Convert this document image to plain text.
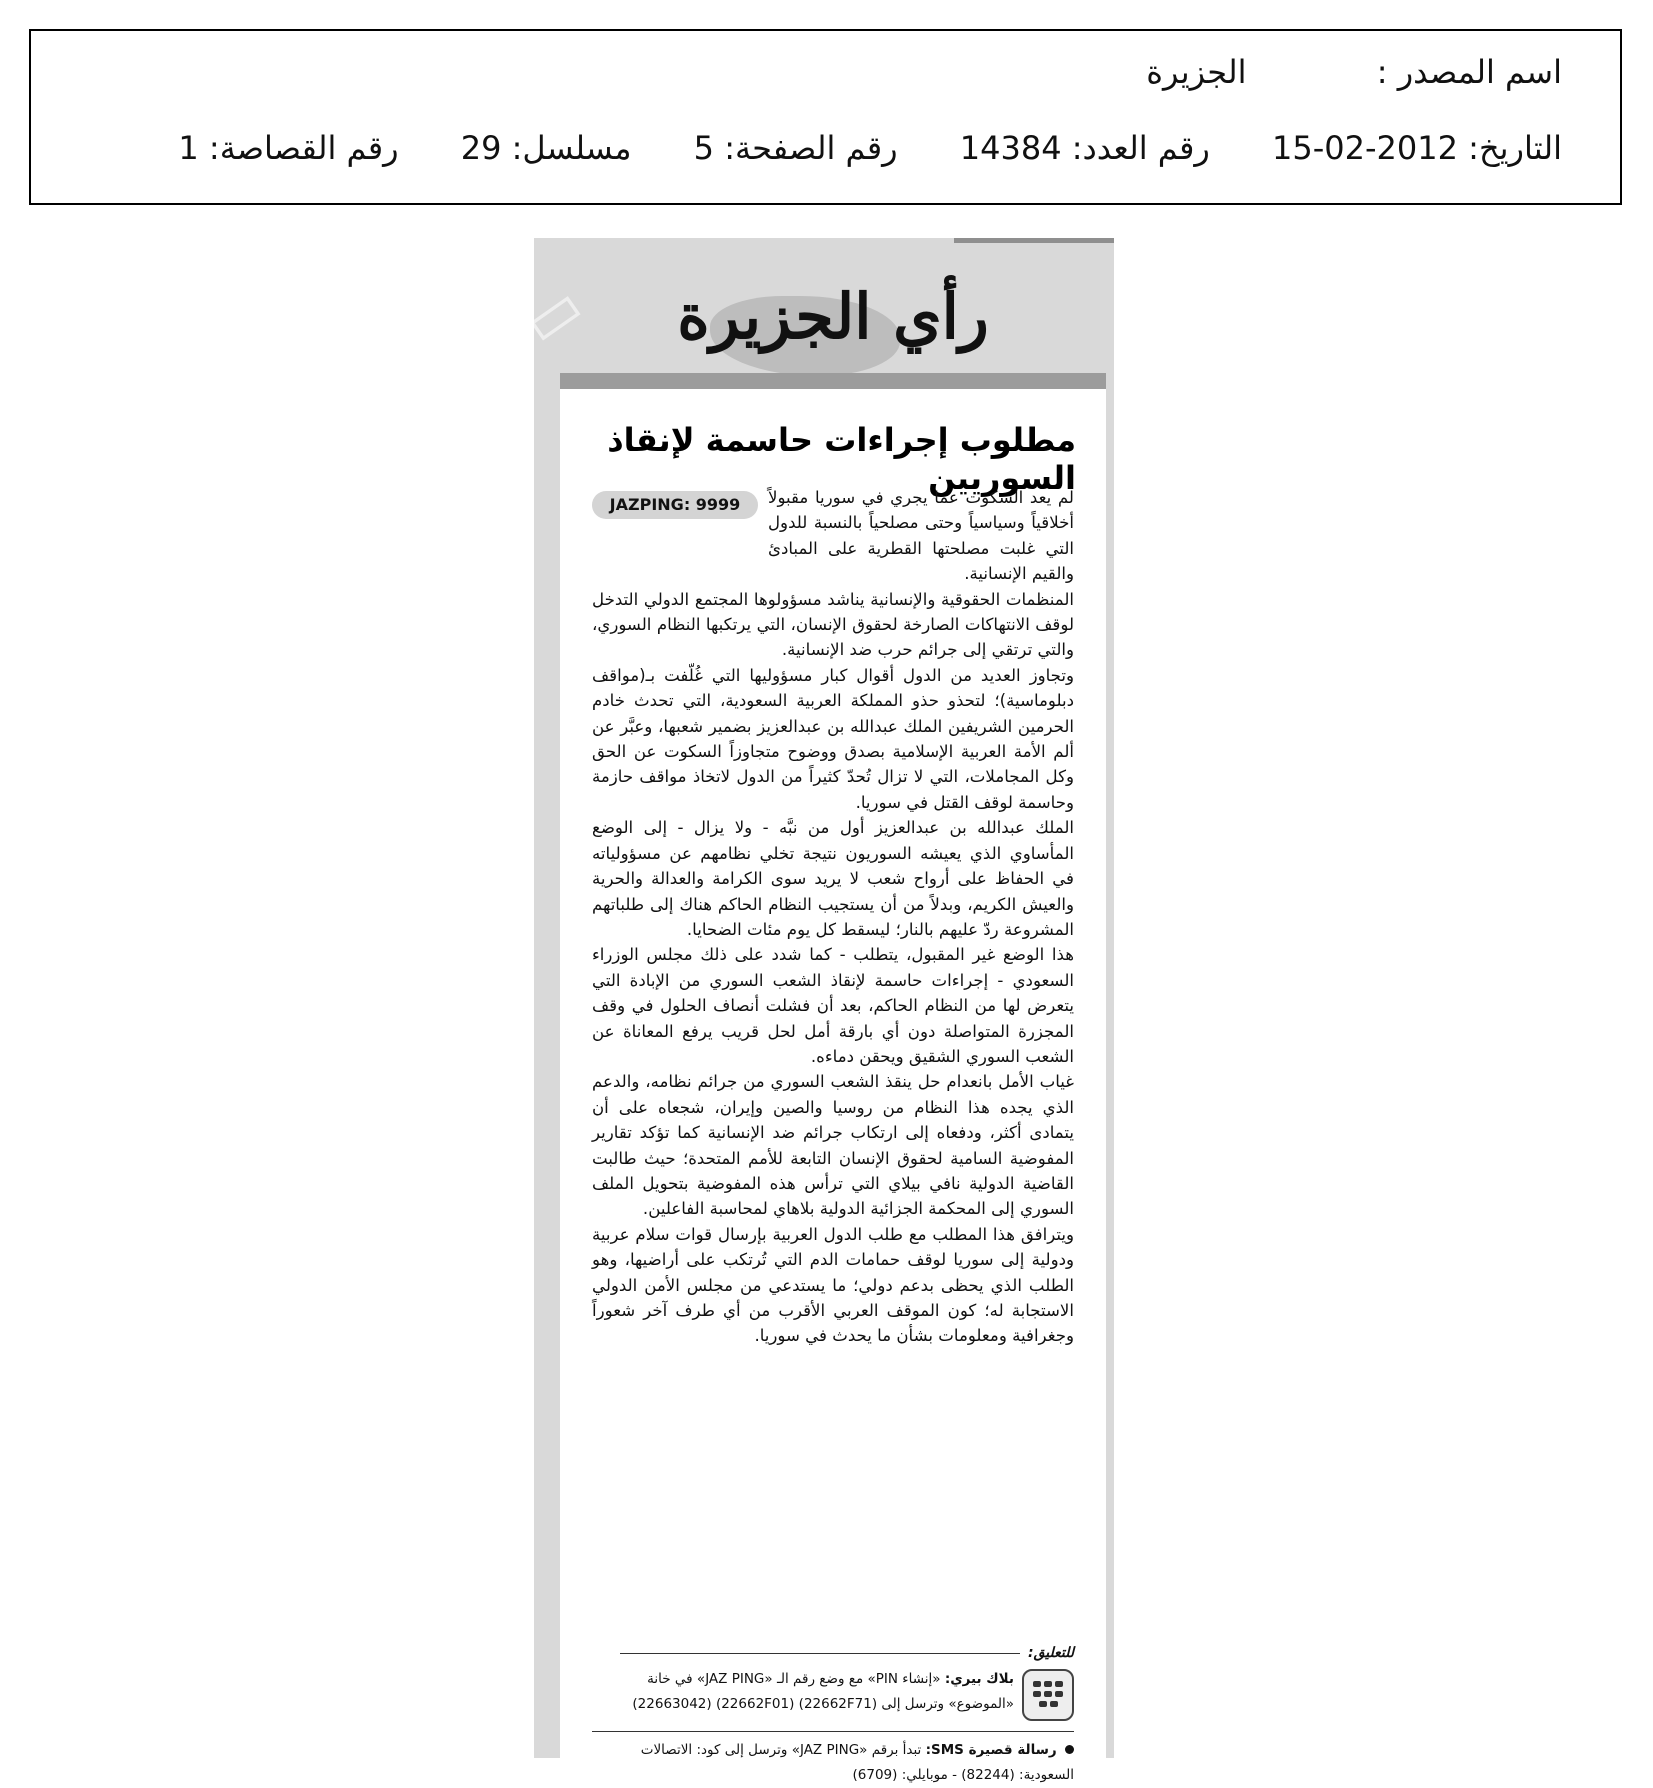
اسم المصدر : الجزيرة
التاريخ: 2012-02-15 رقم العدد: 14384 رقم الصفحة: 5 مسلسل: 29 رقم القصاصة: 1
▭	رأي الجزيرة
مطلوب إجراءات حاسمة لإنقاذ السوريين
JAZPING: 9999	لم يعد السكوت عما يجري في سوريا مقبولاً أخلاقياً وسياسياً وحتى مصلحياً بالنسبة للدول التي غلبت مصلحتها القطرية على المبادئ والقيم الإنسانية.

المنظمات الحقوقية والإنسانية يناشد مسؤولوها المجتمع الدولي التدخل لوقف الانتهاكات الصارخة لحقوق الإنسان، التي يرتكبها النظام السوري، والتي ترتقي إلى جرائم حرب ضد الإنسانية.

وتجاوز العديد من الدول أقوال كبار مسؤوليها التي غُلّفت بـ(مواقف دبلوماسية)؛ لتحذو حذو المملكة العربية السعودية، التي تحدث خادم الحرمين الشريفين الملك عبدالله بن عبدالعزيز بضمير شعبها، وعبَّر عن ألم الأمة العربية الإسلامية بصدق ووضوح متجاوزاً السكوت عن الحق وكل المجاملات، التي لا تزال تُحدّ كثيراً من الدول لاتخاذ مواقف حازمة وحاسمة لوقف القتل في سوريا.

الملك عبدالله بن عبدالعزيز أول من نبَّه - ولا يزال - إلى الوضع المأساوي الذي يعيشه السوريون نتيجة تخلي نظامهم عن مسؤولياته في الحفاظ على أرواح شعب لا يريد سوى الكرامة والعدالة والحرية والعيش الكريم، وبدلاً من أن يستجيب النظام الحاكم هناك إلى طلباتهم المشروعة ردّ عليهم بالنار؛ ليسقط كل يوم مئات الضحايا.

هذا الوضع غير المقبول، يتطلب - كما شدد على ذلك مجلس الوزراء السعودي - إجراءات حاسمة لإنقاذ الشعب السوري من الإبادة التي يتعرض لها من النظام الحاكم، بعد أن فشلت أنصاف الحلول في وقف المجزرة المتواصلة دون أي بارقة أمل لحل قريب يرفع المعاناة عن الشعب السوري الشقيق ويحقن دماءه.

غياب الأمل بانعدام حل ينقذ الشعب السوري من جرائم نظامه، والدعم الذي يجده هذا النظام من روسيا والصين وإيران، شجعاه على أن يتمادى أكثر، ودفعاه إلى ارتكاب جرائم ضد الإنسانية كما تؤكد تقارير المفوضية السامية لحقوق الإنسان التابعة للأمم المتحدة؛ حيث طالبت القاضية الدولية نافي بيلاي التي ترأس هذه المفوضية بتحويل الملف السوري إلى المحكمة الجزائية الدولية بلاهاي لمحاسبة الفاعلين.

ويترافق هذا المطلب مع طلب الدول العربية بإرسال قوات سلام عربية ودولية إلى سوريا لوقف حمامات الدم التي تُرتكب على أراضيها، وهو الطلب الذي يحظى بدعم دولي؛ ما يستدعي من مجلس الأمن الدولي الاستجابة له؛ كون الموقف العربي الأقرب من أي طرف آخر شعوراً وجغرافية ومعلومات بشأن ما يحدث في سوريا.

للتعليق:
بلاك بيري: «إنشاء PIN» مع وضع رقم الـ «JAZ PING» في خانة «الموضوع» وترسل إلى (22662F71) (22662F01) (22663042)
رسالة قصيرة SMS: تبدأ برقم «JAZ PING» وترسل إلى كود: الاتصالات السعودية: (82244) - موبايلي: (6709)
